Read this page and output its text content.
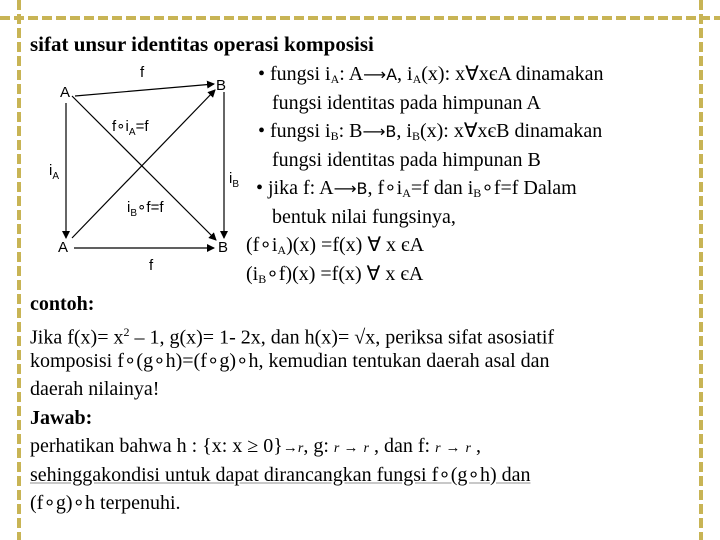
sifat unsur identitas operasi komposisi
A	B
f
$f\circ i_A=f$
$i_A$	$i_B$
$i_B\circ f=f$
A	B
f
• fungsi $i_A$: A⟶A, $i_A(x)$: x∀xєA dinamakan
fungsi identitas pada himpunan A
• fungsi $i_B$: B⟶B, $i_B(x)$: x∀xєB dinamakan
fungsi identitas pada himpunan B
• jika f: A⟶B, $f\circ i_A=f$ dan $i_B\circ f=f$ Dalam
bentuk nilai fungsinya,
$(f\circ i_A)(x) =f(x)$ ∀ x єA
$(i_B\circ f)(x) =f(x)$ ∀ x єA
contoh:
Jika $f(x)= x^2 - 1$, g(x)= 1- 2x, dan h(x)= √x, periksa sifat asosiatif
komposisi f∘(g∘h)=(f∘g)∘h, kemudian tentukan daerah asal dan
daerah nilainya!
Jawab:
perhatikan bahwa h : {x: x ≥ 0}→r, g: r → r , dan f: r → r ,
sehinggakondisi untuk dapat dirancangkan fungsi f∘(g∘h) dan
(f∘g)∘h terpenuhi.
